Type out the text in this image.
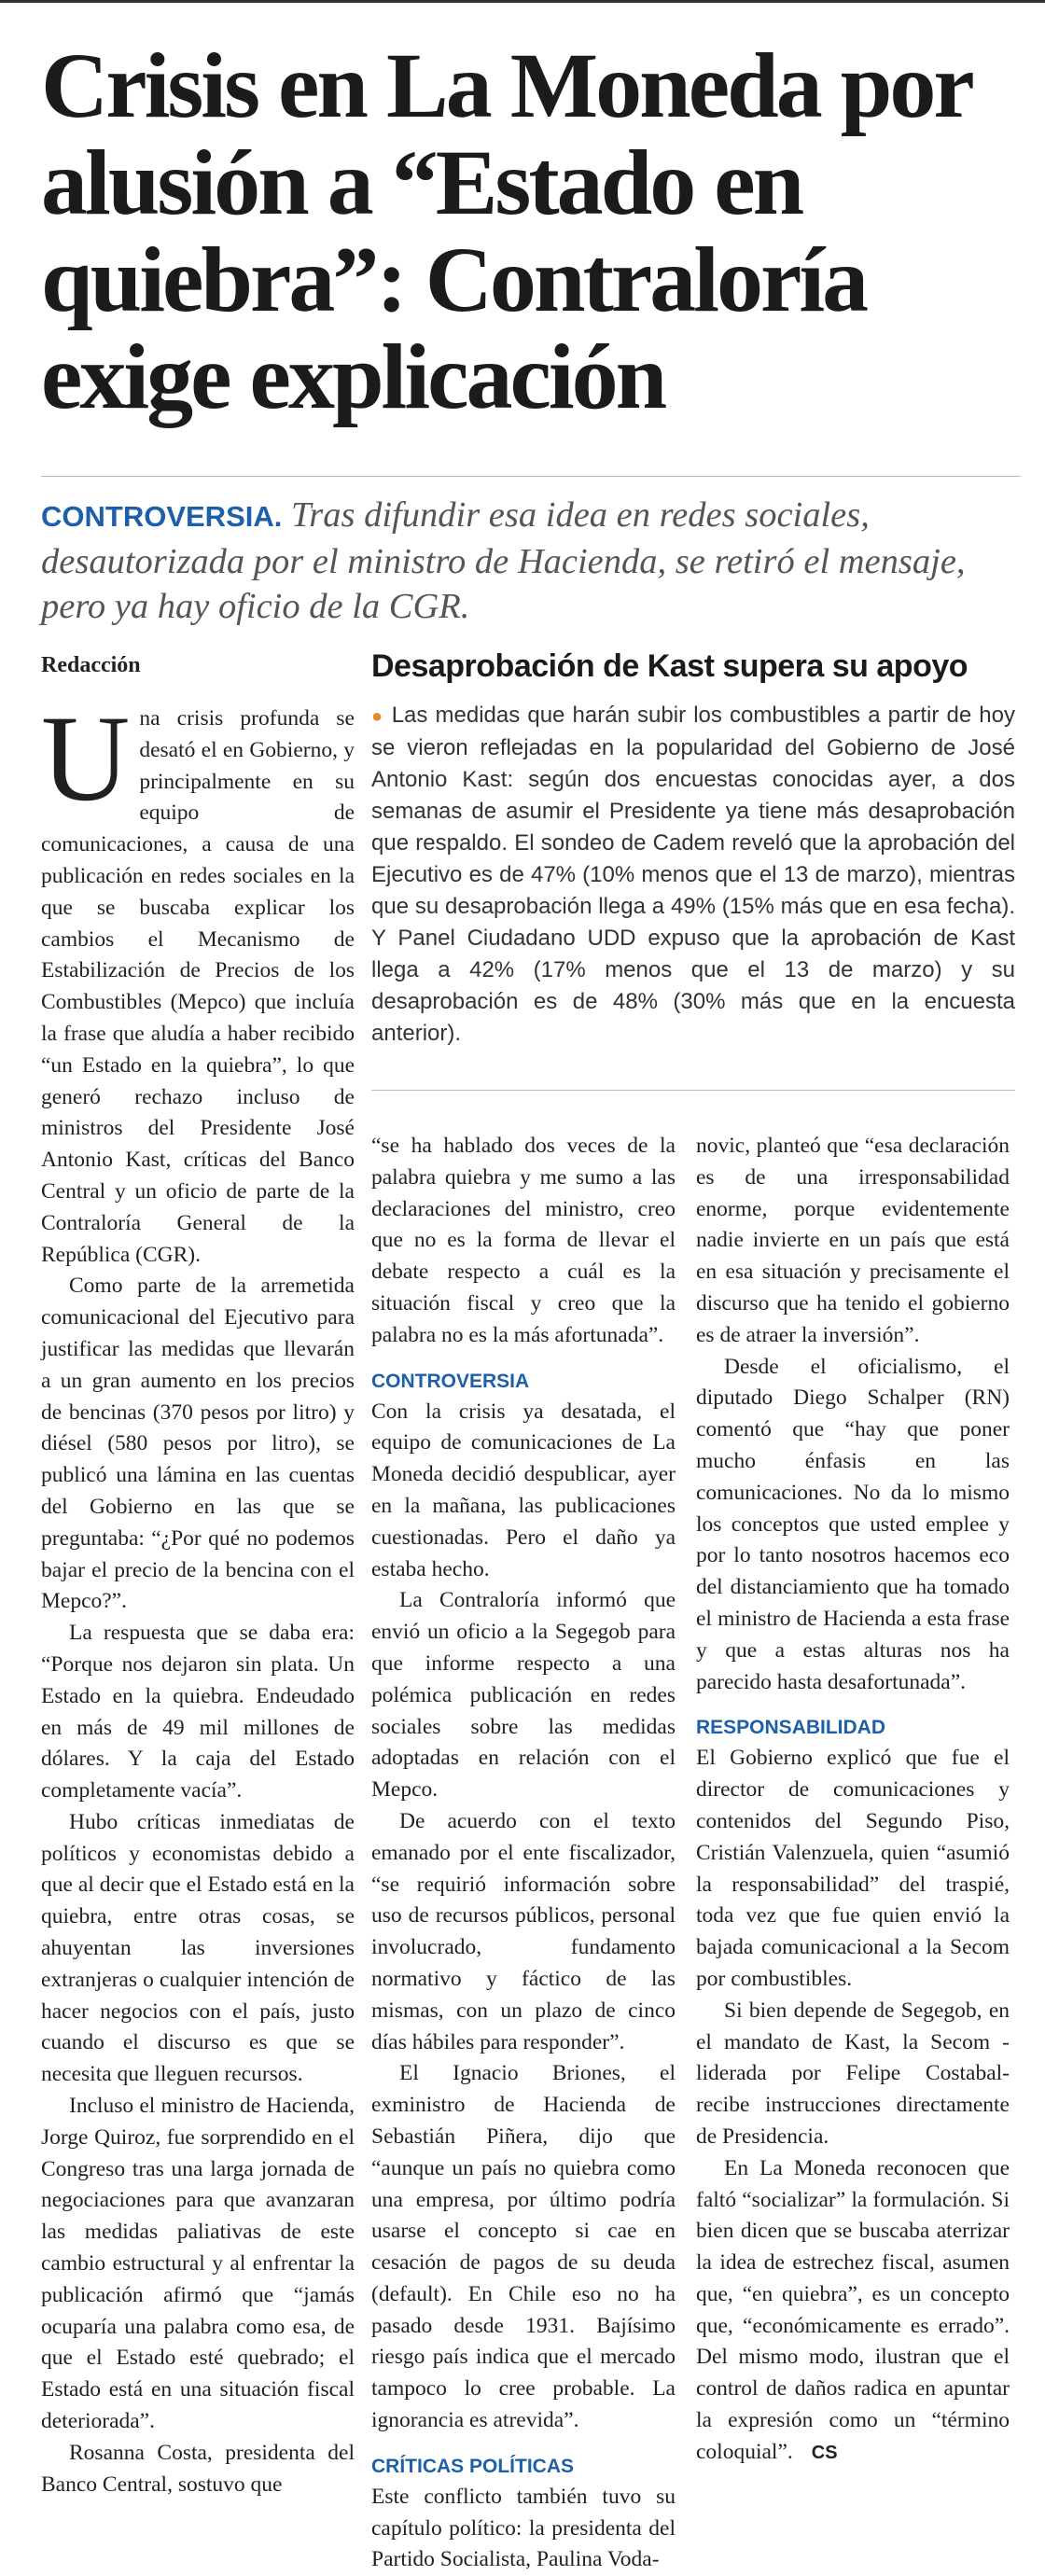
Crisis en La Moneda por alusión a “Estado en quiebra”: Contraloría exige explicación
CONTROVERSIA. Tras difundir esa idea en redes sociales, desautorizada por el ministro de Hacienda, se retiró el mensaje, pero ya hay oficio de la CGR.
Redacción

Una crisis profunda se desató el en Gobierno, y principalmente en su equipo de comunicaciones, a causa de una publicación en redes sociales en la que se buscaba explicar los cambios el Mecanismo de Estabilización de Precios de los Combustibles (Mepco) que incluía la frase que aludía a haber recibido “un Estado en la quiebra”, lo que generó rechazo incluso de ministros del Presidente José Antonio Kast, críticas del Banco Central y un oficio de parte de la Contraloría General de la República (CGR).

Como parte de la arremetida comunicacional del Ejecutivo para justificar las medidas que llevarán a un gran aumento en los precios de bencinas (370 pesos por litro) y diésel (580 pesos por litro), se publicó una lámina en las cuentas del Gobierno en las que se preguntaba: “¿Por qué no podemos bajar el precio de la bencina con el Mepco?”.

La respuesta que se daba era: “Porque nos dejaron sin plata. Un Estado en la quiebra. Endeudado en más de 49 mil millones de dólares. Y la caja del Estado completamente vacía”.

Hubo críticas inmediatas de políticos y economistas debido a que al decir que el Estado está en la quiebra, entre otras cosas, se ahuyentan las inversiones extranjeras o cualquier intención de hacer negocios con el país, justo cuando el discurso es que se necesita que lleguen recursos.

Incluso el ministro de Hacienda, Jorge Quiroz, fue sorprendido en el Congreso tras una larga jornada de negociaciones para que avanzaran las medidas paliativas de este cambio estructural y al enfrentar la publicación afirmó que “jamás ocuparía una palabra como esa, de que el Estado esté quebrado; el Estado está en una situación fiscal deteriorada”.

Rosanna Costa, presidenta del Banco Central, sostuvo que

Desaprobación de Kast supera su apoyo
● Las medidas que harán subir los combustibles a partir de hoy se vieron reflejadas en la popularidad del Gobierno de José Antonio Kast: según dos encuestas conocidas ayer, a dos semanas de asumir el Presidente ya tiene más desaprobación que respaldo. El sondeo de Cadem reveló que la aprobación del Ejecutivo es de 47% (10% menos que el 13 de marzo), mientras que su desaprobación llega a 49% (15% más que en esa fecha). Y Panel Ciudadano UDD expuso que la aprobación de Kast llega a 42% (17% menos que el 13 de marzo) y su desaprobación es de 48% (30% más que en la encuesta anterior).

“se ha hablado dos veces de la palabra quiebra y me sumo a las declaraciones del ministro, creo que no es la forma de llevar el debate respecto a cuál es la situación fiscal y creo que la palabra no es la más afortunada”.

CONTROVERSIA

Con la crisis ya desatada, el equipo de comunicaciones de La Moneda decidió despublicar, ayer en la mañana, las publicaciones cuestionadas. Pero el daño ya estaba hecho.

La Contraloría informó que envió un oficio a la Segegob para que informe respecto a una polémica publicación en redes sociales sobre las medidas adoptadas en relación con el Mepco.

De acuerdo con el texto emanado por el ente fiscalizador, “se requirió información sobre uso de recursos públicos, personal involucrado, fundamento normativo y fáctico de las mismas, con un plazo de cinco días hábiles para responder”.

El Ignacio Briones, el exministro de Hacienda de Sebastián Piñera, dijo que “aunque un país no quiebra como una empresa, por último podría usarse el concepto si cae en cesación de pagos de su deuda (default). En Chile eso no ha pasado desde 1931. Bajísimo riesgo país indica que el mercado tampoco lo cree probable. La ignorancia es atrevida”.

CRÍTICAS POLÍTICAS

Este conflicto también tuvo su capítulo político: la presidenta del Partido Socialista, Paulina Voda-

novic, planteó que “esa declaración es de una irresponsabilidad enorme, porque evidentemente nadie invierte en un país que está en esa situación y precisamente el discurso que ha tenido el gobierno es de atraer la inversión”.

Desde el oficialismo, el diputado Diego Schalper (RN) comentó que “hay que poner mucho énfasis en las comunicaciones. No da lo mismo los conceptos que usted emplee y por lo tanto nosotros hacemos eco del distanciamiento que ha tomado el ministro de Hacienda a esta frase y que a estas alturas nos ha parecido hasta desafortunada”.

RESPONSABILIDAD

El Gobierno explicó que fue el director de comunicaciones y contenidos del Segundo Piso, Cristián Valenzuela, quien “asumió la responsabilidad” del traspié, toda vez que fue quien envió la bajada comunicacional a la Secom por combustibles.

Si bien depende de Segegob, en el mandato de Kast, la Secom -liderada por Felipe Costabal- recibe instrucciones directamente de Presidencia.

En La Moneda reconocen que faltó “socializar” la formulación. Si bien dicen que se buscaba aterrizar la idea de estrechez fiscal, asumen que, “en quiebra”, es un concepto que, “económicamente es errado”. Del mismo modo, ilustran que el control de daños radica en apuntar la expresión como un “término coloquial”. CS
